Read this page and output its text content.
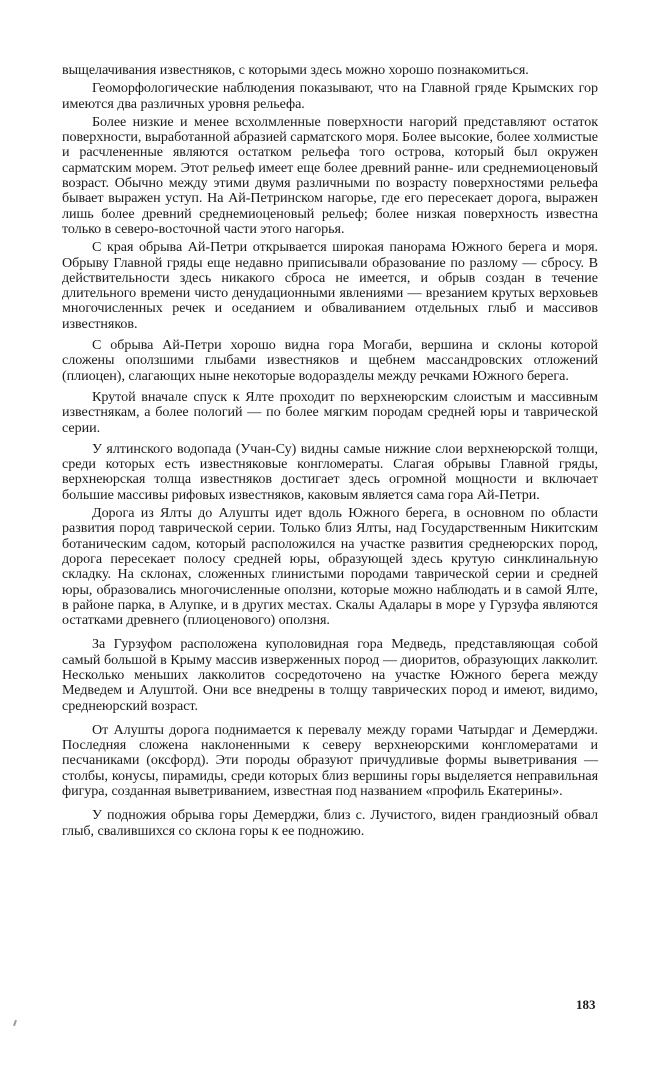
выщелачивания известняков, с которыми здесь можно хорошо познакомиться.

Геоморфологические наблюдения показывают, что на Главной гряде Крымских гор имеются два различных уровня рельефа.

Более низкие и менее всхолмленные поверхности нагорий представляют остаток поверхности, выработанной абразией сарматского моря. Более высокие, более холмистые и расчлененные являются остатком рельефа того острова, который был окружен сарматским морем. Этот рельеф имеет еще более древний ранне- или среднемиоценовый возраст. Обычно между этими двумя различными по возрасту поверхностями рельефа бывает выражен уступ. На Ай-Петринском нагорье, где его пересекает дорога, выражен лишь более древний среднемиоценовый рельеф; более низкая поверхность известна только в северо-восточной части этого нагорья.

С края обрыва Ай-Петри открывается широкая панорама Южного берега и моря. Обрыву Главной гряды еще недавно приписывали образование по разлому — сбросу. В действительности здесь никакого сброса не имеется, и обрыв создан в течение длительного времени чисто денудационными явлениями — врезанием крутых верховьев многочисленных речек и оседанием и обваливанием отдельных глыб и массивов известняков.

С обрыва Ай-Петри хорошо видна гора Могаби, вершина и склоны которой сложены оползшими глыбами известняков и щебнем массандровских отложений (плиоцен), слагающих ныне некоторые водоразделы между речками Южного берега.

Крутой вначале спуск к Ялте проходит по верхнеюрским слоистым и массивным известнякам, а более пологий — по более мягким породам средней юры и таврической серии.

У ялтинского водопада (Учан-Су) видны самые нижние слои верхнеюрской толщи, среди которых есть известняковые конгломераты. Слагая обрывы Главной гряды, верхнеюрская толща известняков достигает здесь огромной мощности и включает большие массивы рифовых известняков, каковым является сама гора Ай-Петри.

Дорога из Ялты до Алушты идет вдоль Южного берега, в основном по области развития пород таврической серии. Только близ Ялты, над Государственным Никитским ботаническим садом, который расположился на участке развития среднеюрских пород, дорога пересекает полосу средней юры, образующей здесь крутую синклинальную складку. На склонах, сложенных глинистыми породами таврической серии и средней юры, образовались многочисленные оползни, которые можно наблюдать и в самой Ялте, в районе парка, в Алупке, и в других местах. Скалы Адалары в море у Гурзуфа являются остатками древнего (плиоценового) оползня.

За Гурзуфом расположена куполовидная гора Медведь, представляющая собой самый большой в Крыму массив изверженных пород — диоритов, образующих лакколит. Несколько меньших лакколитов сосредоточено на участке Южного берега между Медведем и Алуштой. Они все внедрены в толщу таврических пород и имеют, видимо, среднеюрский возраст.

От Алушты дорога поднимается к перевалу между горами Чатырдаг и Демерджи. Последняя сложена наклоненными к северу верхнеюрскими конгломератами и песчаниками (оксфорд). Эти породы образуют причудливые формы выветривания — столбы, конусы, пирамиды, среди которых близ вершины горы выделяется неправильная фигура, созданная выветриванием, известная под названием «профиль Екатерины».

У подножия обрыва горы Демерджи, близ с. Лучистого, виден грандиозный обвал глыб, свалившихся со склона горы к ее подножию.

183
